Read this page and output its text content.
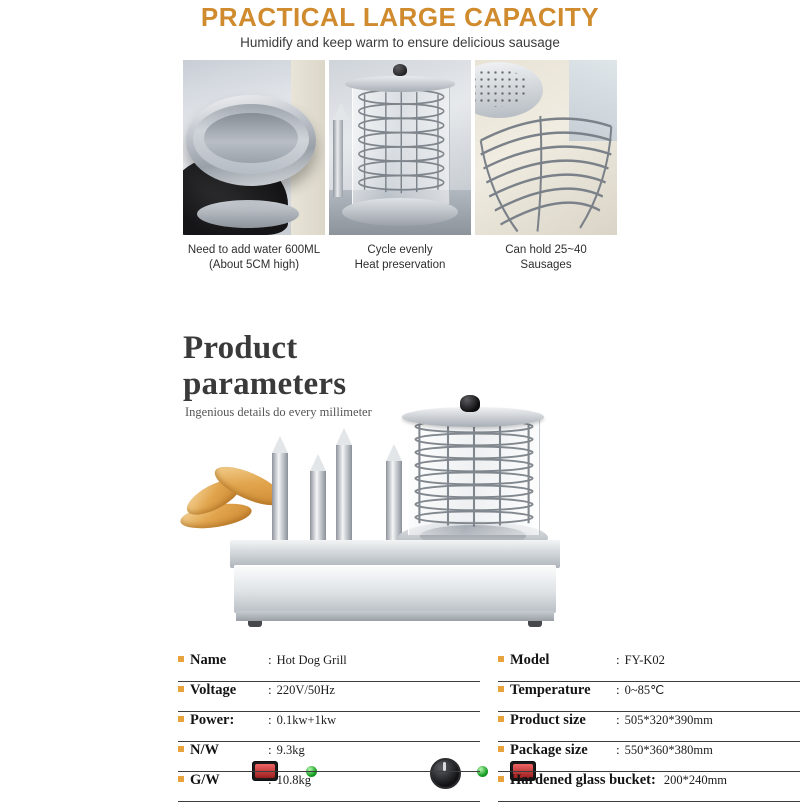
PRACTICAL LARGE CAPACITY
Humidify and keep warm to ensure delicious sausage
Need to add water 600ML
(About 5CM high)
Cycle evenly
Heat preservation
Can hold 25~40
Sausages
Product
parameters
Ingenious details do every millimeter
Name	: Hot Dog Grill
Voltage	: 220V/50Hz
Power:	: 0.1kw+1kw
N/W	: 9.3kg
G/W	: 10.8kg
Model	: FY-K02
Temperature	: 0~85℃
Product size	: 505*320*390mm
Package size	: 550*360*380mm
Hardened glass bucket: 200*240mm
